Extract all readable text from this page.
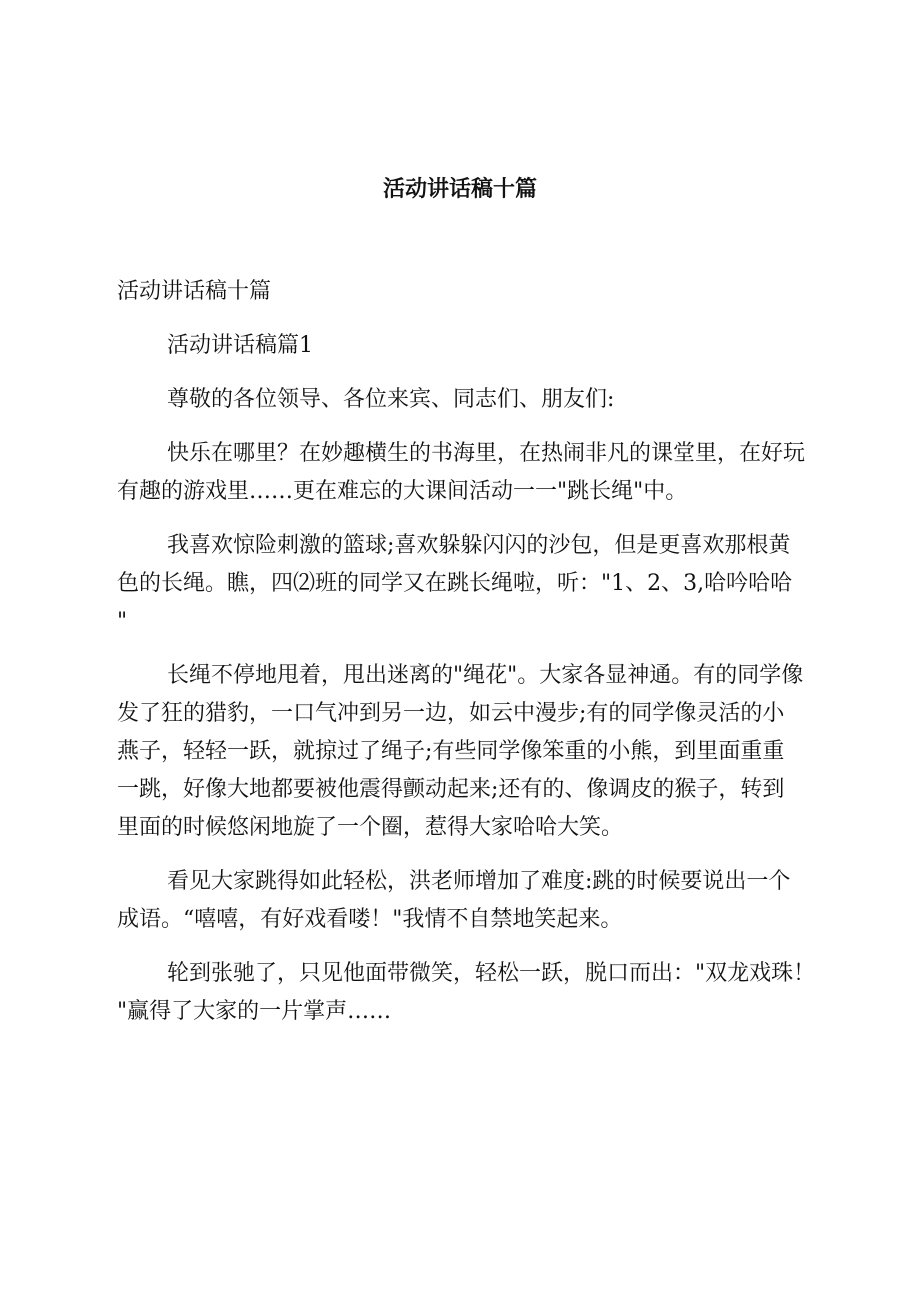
活动讲话稿十篇

活动讲话稿十篇

活动讲话稿篇1

尊敬的各位领导、各位来宾、同志们、朋友们:

快乐在哪里？在妙趣横生的书海里，在热闹非凡的课堂里，在好玩

有趣的游戏里……更在难忘的大课间活动一一"跳长绳"中。

我喜欢惊险刺激的篮球;喜欢躲躲闪闪的沙包，但是更喜欢那根黄

色的长绳。瞧，四⑵班的同学又在跳长绳啦，听："1、2、3,哈吟哈哈

"

长绳不停地甩着，甩出迷离的"绳花"。大家各显神通。有的同学像

发了狂的猎豹，一口气冲到另一边，如云中漫步;有的同学像灵活的小

燕子，轻轻一跃，就掠过了绳子;有些同学像笨重的小熊，到里面重重

一跳，好像大地都要被他震得颤动起来;还有的、像调皮的猴子，转到

里面的时候悠闲地旋了一个圈，惹得大家哈哈大笑。

看见大家跳得如此轻松，洪老师增加了难度:跳的时候要说出一个

成语。“嘻嘻，有好戏看喽！"我情不自禁地笑起来。

轮到张驰了，只见他面带微笑，轻松一跃，脱口而出："双龙戏珠！

"赢得了大家的一片掌声……
